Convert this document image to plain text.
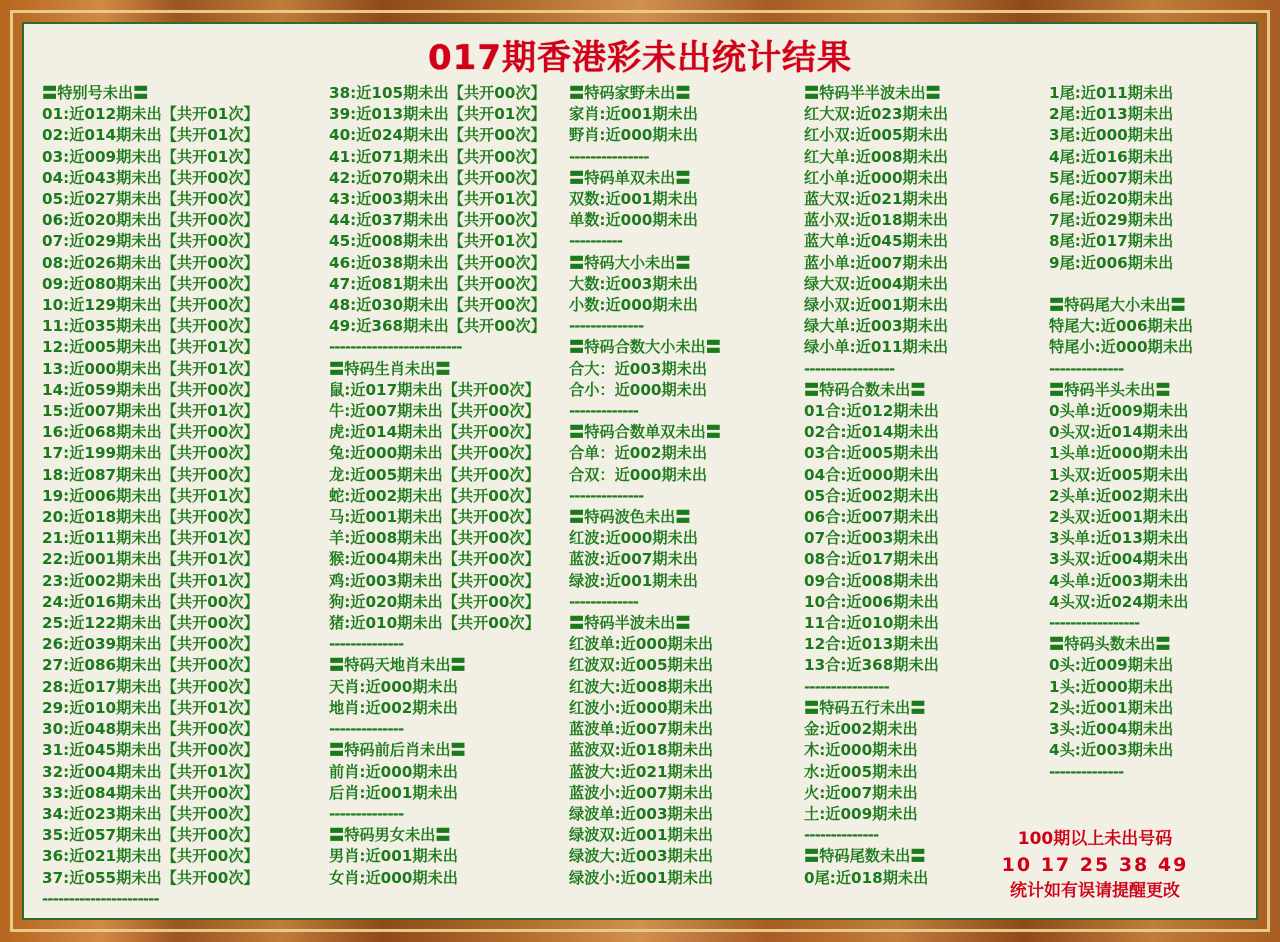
017期香港彩未出统计结果
〓特别号未出〓
01:近012期未出【共开01次】
02:近014期未出【共开01次】
03:近009期未出【共开01次】
04:近043期未出【共开00次】
05:近027期未出【共开00次】
06:近020期未出【共开00次】
07:近029期未出【共开00次】
08:近026期未出【共开00次】
09:近080期未出【共开00次】
10:近129期未出【共开00次】
11:近035期未出【共开00次】
12:近005期未出【共开01次】
13:近000期未出【共开01次】
14:近059期未出【共开00次】
15:近007期未出【共开01次】
16:近068期未出【共开00次】
17:近199期未出【共开00次】
18:近087期未出【共开00次】
19:近006期未出【共开01次】
20:近018期未出【共开00次】
21:近011期未出【共开01次】
22:近001期未出【共开01次】
23:近002期未出【共开01次】
24:近016期未出【共开00次】
25:近122期未出【共开00次】
26:近039期未出【共开00次】
27:近086期未出【共开00次】
28:近017期未出【共开00次】
29:近010期未出【共开01次】
30:近048期未出【共开00次】
31:近045期未出【共开00次】
32:近004期未出【共开01次】
33:近084期未出【共开00次】
34:近023期未出【共开00次】
35:近057期未出【共开00次】
36:近021期未出【共开00次】
37:近055期未出【共开00次】
----------------------
38:近105期未出【共开00次】
39:近013期未出【共开01次】
40:近024期未出【共开00次】
41:近071期未出【共开00次】
42:近070期未出【共开00次】
43:近003期未出【共开01次】
44:近037期未出【共开00次】
45:近008期未出【共开01次】
46:近038期未出【共开00次】
47:近081期未出【共开00次】
48:近030期未出【共开00次】
49:近368期未出【共开00次】
-------------------------
〓特码生肖未出〓
鼠:近017期未出【共开00次】
牛:近007期未出【共开00次】
虎:近014期未出【共开00次】
兔:近000期未出【共开00次】
龙:近005期未出【共开00次】
蛇:近002期未出【共开00次】
马:近001期未出【共开00次】
羊:近008期未出【共开00次】
猴:近004期未出【共开00次】
鸡:近003期未出【共开00次】
狗:近020期未出【共开00次】
猪:近010期未出【共开00次】
--------------
〓特码天地肖未出〓
天肖:近000期未出
地肖:近002期未出
--------------
〓特码前后肖未出〓
前肖:近000期未出
后肖:近001期未出
--------------
〓特码男女未出〓
男肖:近001期未出
女肖:近000期未出
〓特码家野未出〓
家肖:近001期未出
野肖:近000期未出
---------------
〓特码单双未出〓
双数:近001期未出
单数:近000期未出
----------
〓特码大小未出〓
大数:近003期未出
小数:近000期未出
--------------
〓特码合数大小未出〓
合大：近003期未出
合小：近000期未出
-------------
〓特码合数单双未出〓
合单：近002期未出
合双：近000期未出
--------------
〓特码波色未出〓
红波:近000期未出
蓝波:近007期未出
绿波:近001期未出
-------------
〓特码半波未出〓
红波单:近000期未出
红波双:近005期未出
红波大:近008期未出
红波小:近000期未出
蓝波单:近007期未出
蓝波双:近018期未出
蓝波大:近021期未出
蓝波小:近007期未出
绿波单:近003期未出
绿波双:近001期未出
绿波大:近003期未出
绿波小:近001期未出
〓特码半半波未出〓
红大双:近023期未出
红小双:近005期未出
红大单:近008期未出
红小单:近000期未出
蓝大双:近021期未出
蓝小双:近018期未出
蓝大单:近045期未出
蓝小单:近007期未出
绿大双:近004期未出
绿小双:近001期未出
绿大单:近003期未出
绿小单:近011期未出
-----------------
〓特码合数未出〓
01合:近012期未出
02合:近014期未出
03合:近005期未出
04合:近000期未出
05合:近002期未出
06合:近007期未出
07合:近003期未出
08合:近017期未出
09合:近008期未出
10合:近006期未出
11合:近010期未出
12合:近013期未出
13合:近368期未出
----------------
〓特码五行未出〓
金:近002期未出
木:近000期未出
水:近005期未出
火:近007期未出
土:近009期未出
--------------
〓特码尾数未出〓
0尾:近018期未出
1尾:近011期未出
2尾:近013期未出
3尾:近000期未出
4尾:近016期未出
5尾:近007期未出
6尾:近020期未出
7尾:近029期未出
8尾:近017期未出
9尾:近006期未出

〓特码尾大小未出〓
特尾大:近006期未出
特尾小:近000期未出
--------------
〓特码半头未出〓
0头单:近009期未出
0头双:近014期未出
1头单:近000期未出
1头双:近005期未出
2头单:近002期未出
2头双:近001期未出
3头单:近013期未出
3头双:近004期未出
4头单:近003期未出
4头双:近024期未出
-----------------
〓特码头数未出〓
0头:近009期未出
1头:近000期未出
2头:近001期未出
3头:近004期未出
4头:近003期未出
--------------
100期以上未出号码
10 17 25 38 49
统计如有误请提醒更改
